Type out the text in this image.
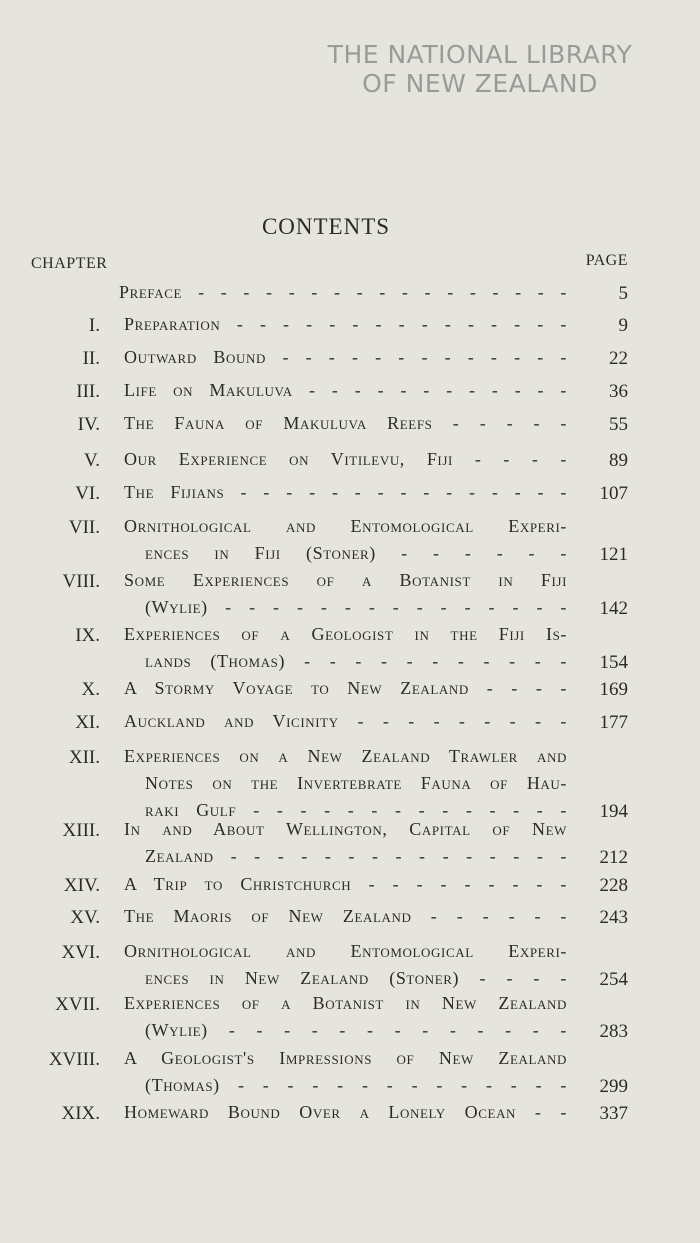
THE NATIONAL LIBRARY
OF NEW ZEALAND
CONTENTS
CHAPTER	PAGE
Preface - - - - - - - - - - - - - - - - -	5
I. Preparation - - - - - - - - - - - - - - -	9
II. Outward Bound - - - - - - - - - - - - - 22
III. Life on Makuluva - - - - - - - - - - - - 36
IV. The Fauna of Makuluva Reefs - - - - - 55
V. Our Experience on Vitilevu, Fiji - - - - 89
VI. The Fijians - - - - - - - - - - - - - - - 107
VII. Ornithological and Entomological Experi-
ences in Fiji (Stoner) - - - - - - 121
VIII. Some Experiences of a Botanist in Fiji
(Wylie) - - - - - - - - - - - - - - - 142
IX. Experiences of a Geologist in the Fiji Is-
lands (Thomas) - - - - - - - - - - - 154
X. A Stormy Voyage to New Zealand - - - - 169
XI. Auckland and Vicinity - - - - - - - - - 177
XII. Experiences on a New Zealand Trawler and
Notes on the Invertebrate Fauna of Hau-
raki Gulf - - - - - - - - - - - - - - 194
XIII. In and About Wellington, Capital of New
Zealand - - - - - - - - - - - - - - - 212
XIV. A Trip to Christchurch - - - - - - - - - 228
XV. The Maoris of New Zealand - - - - - - 243
XVI. Ornithological and Entomological Experi-
ences in New Zealand (Stoner) - - - - 254
XVII. Experiences of a Botanist in New Zealand
(Wylie) - - - - - - - - - - - - - 283
XVIII. A Geologist's Impressions of New Zealand
(Thomas) - - - - - - - - - - - - - - 299
XIX. Homeward Bound Over a Lonely Ocean - - 337
